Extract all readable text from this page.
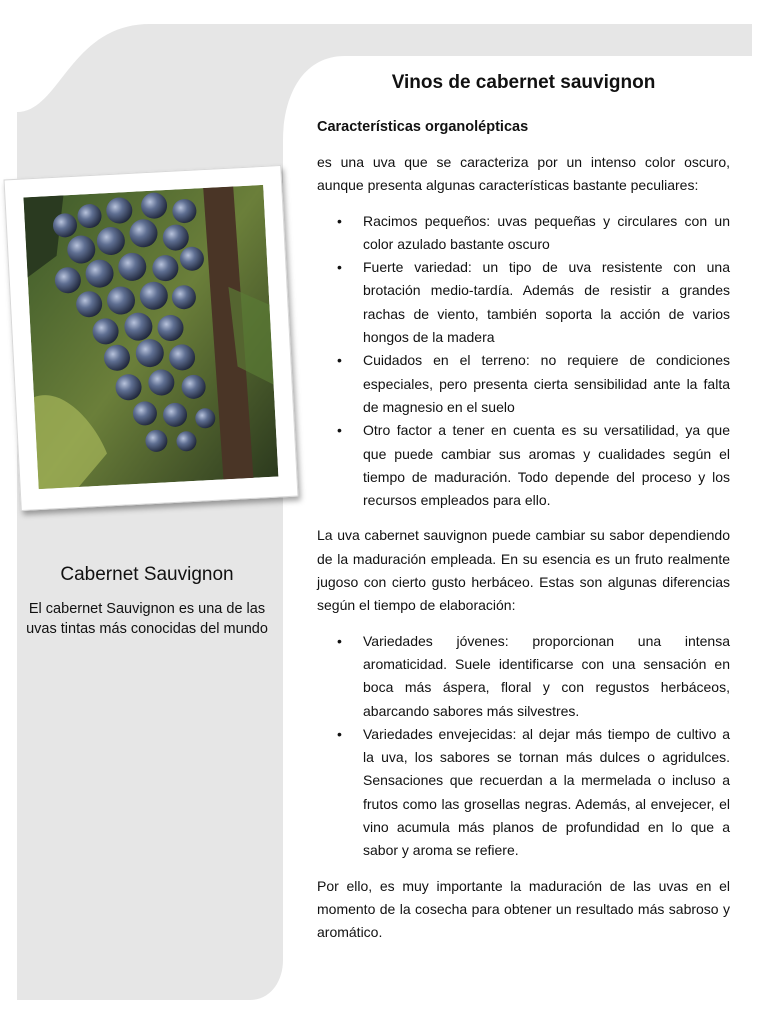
Cabernet Sauvignon

El cabernet Sauvignon es una de las uvas tintas más conocidas del mundo

Vinos de cabernet sauvignon
Características organolépticas

es una uva que se caracteriza por un intenso color oscuro, aunque presenta algunas características bastante peculiares:

• Racimos pequeños: uvas pequeñas y circulares con un color azulado bastante oscuro
• Fuerte variedad: un tipo de uva resistente con una brotación medio-tardía. Además de resistir a grandes rachas de viento, también soporta la acción de varios hongos de la madera
• Cuidados en el terreno: no requiere de condiciones especiales, pero presenta cierta sensibilidad ante la falta de magnesio en el suelo
• Otro factor a tener en cuenta es su versatilidad, ya que que puede cambiar sus aromas y cualidades según el tiempo de maduración. Todo depende del proceso y los recursos empleados para ello.

La uva cabernet sauvignon puede cambiar su sabor dependiendo de la maduración empleada. En su esencia es un fruto realmente jugoso con cierto gusto herbáceo. Estas son algunas diferencias según el tiempo de elaboración:

• Variedades jóvenes: proporcionan una intensa aromaticidad. Suele identificarse con una sensación en boca más áspera, floral y con regustos herbáceos, abarcando sabores más silvestres.
• Variedades envejecidas: al dejar más tiempo de cultivo a la uva, los sabores se tornan más dulces o agridulces. Sensaciones que recuerdan a la mermelada o incluso a frutos como las grosellas negras. Además, al envejecer, el vino acumula más planos de profundidad en lo que a sabor y aroma se refiere.

Por ello, es muy importante la maduración de las uvas en el momento de la cosecha para obtener un resultado más sabroso y aromático.
